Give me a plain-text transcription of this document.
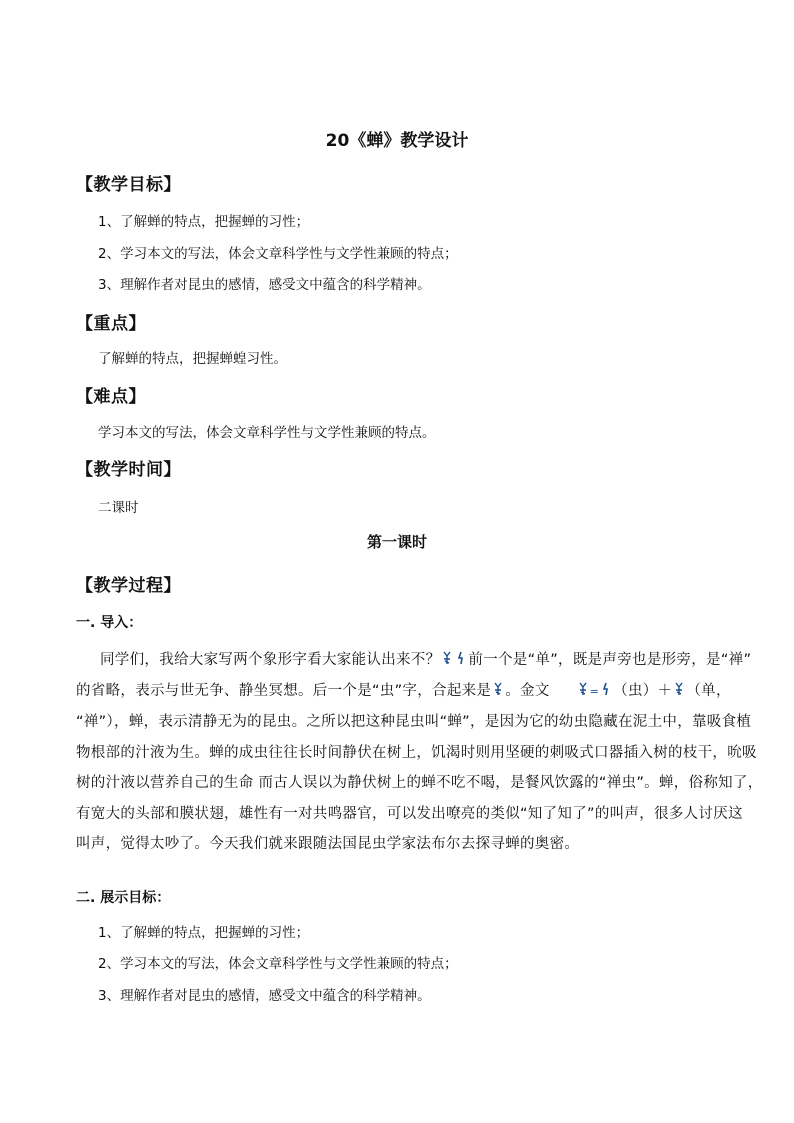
20《蝉》教学设计
【教学目标】
1、了解蝉的特点，把握蝉的习性；
2、学习本文的写法，体会文章科学性与文学性兼顾的特点；
3、理解作者对昆虫的感情，感受文中蕴含的科学精神。
【重点】
了解蝉的特点，把握蝉蝗习性。
【难点】
学习本文的写法，体会文章科学性与文学性兼顾的特点。
【教学时间】
二课时
第一课时
【教学过程】
一. 导入：
同学们，我给大家写两个象形字看大家能认出来不？ 前一个是“单”，既是声旁也是形旁，是“禅”
的省略，表示与世无争、静坐冥想。后一个是“虫”字，合起来是 。金文	= （虫）＋ （单，
“禅”），蝉，表示清静无为的昆虫。之所以把这种昆虫叫“蝉”，是因为它的幼虫隐藏在泥土中，靠吸食植
物根部的汁液为生。蝉的成虫往往长时间静伏在树上，饥渴时则用坚硬的刺吸式口器插入树的枝干，吮吸
树的汁液以营养自己的生命 而古人误以为静伏树上的蝉不吃不喝，是餐风饮露的“禅虫”。蝉，俗称知了，
有宽大的头部和膜状翅，雄性有一对共鸣器官，可以发出嘹亮的类似“知了知了”的叫声，很多人讨厌这
叫声，觉得太吵了。今天我们就来跟随法国昆虫学家法布尔去探寻蝉的奥密。
二. 展示目标：
1、了解蝉的特点，把握蝉的习性；
2、学习本文的写法，体会文章科学性与文学性兼顾的特点；
3、理解作者对昆虫的感情，感受文中蕴含的科学精神。
